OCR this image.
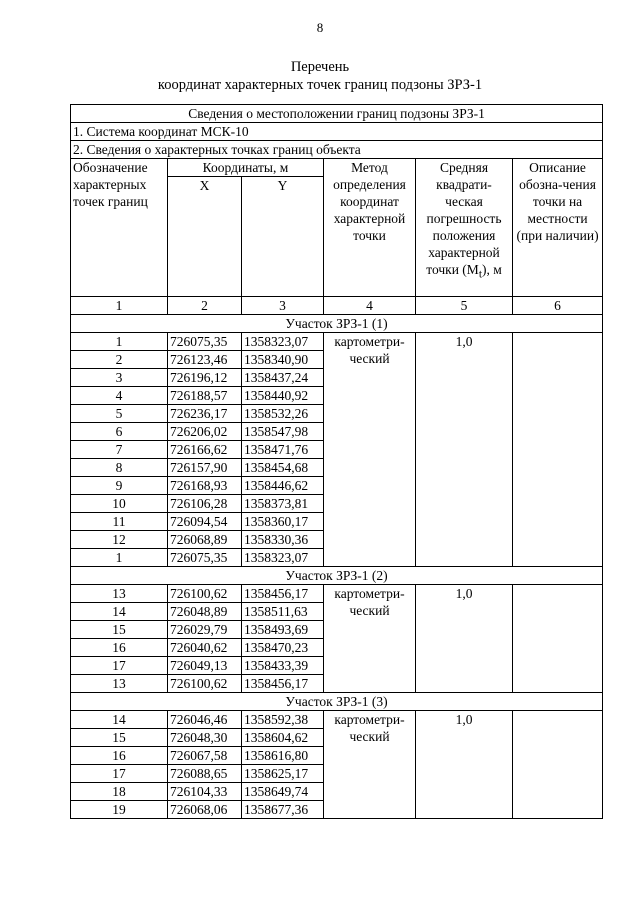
8
Перечень
координат характерных точек границ подзоны ЗРЗ-1
Сведения о местоположении границ подзоны ЗРЗ-1					
1. Система координат МСК-10					
2. Сведения о характерных точках границ объекта					
Обозначение характерных точек границ	Координаты, м		Метод определения координат характерной точки	Средняя квадрати-ческая погрешность положения характерной точки $(M_t)$, м	Описание обозна-чения точки на местности (при наличии)
	X	Y			
1	2	3	4	5	6
Участок ЗРЗ-1 (1)					
1	726075,35	1358323,07	картометри-ческий	1,0	
2	726123,46	1358340,90			
3	726196,12	1358437,24			
4	726188,57	1358440,92			
5	726236,17	1358532,26			
6	726206,02	1358547,98			
7	726166,62	1358471,76			
8	726157,90	1358454,68			
9	726168,93	1358446,62			
10	726106,28	1358373,81			
11	726094,54	1358360,17			
12	726068,89	1358330,36			
1	726075,35	1358323,07			
Участок ЗРЗ-1 (2)					
13	726100,62	1358456,17	картометри-ческий	1,0	
14	726048,89	1358511,63			
15	726029,79	1358493,69			
16	726040,62	1358470,23			
17	726049,13	1358433,39			
13	726100,62	1358456,17			
Участок ЗРЗ-1 (3)					
14	726046,46	1358592,38	картометри-ческий	1,0	
15	726048,30	1358604,62			
16	726067,58	1358616,80			
17	726088,65	1358625,17			
18	726104,33	1358649,74			
19	726068,06	1358677,36			
